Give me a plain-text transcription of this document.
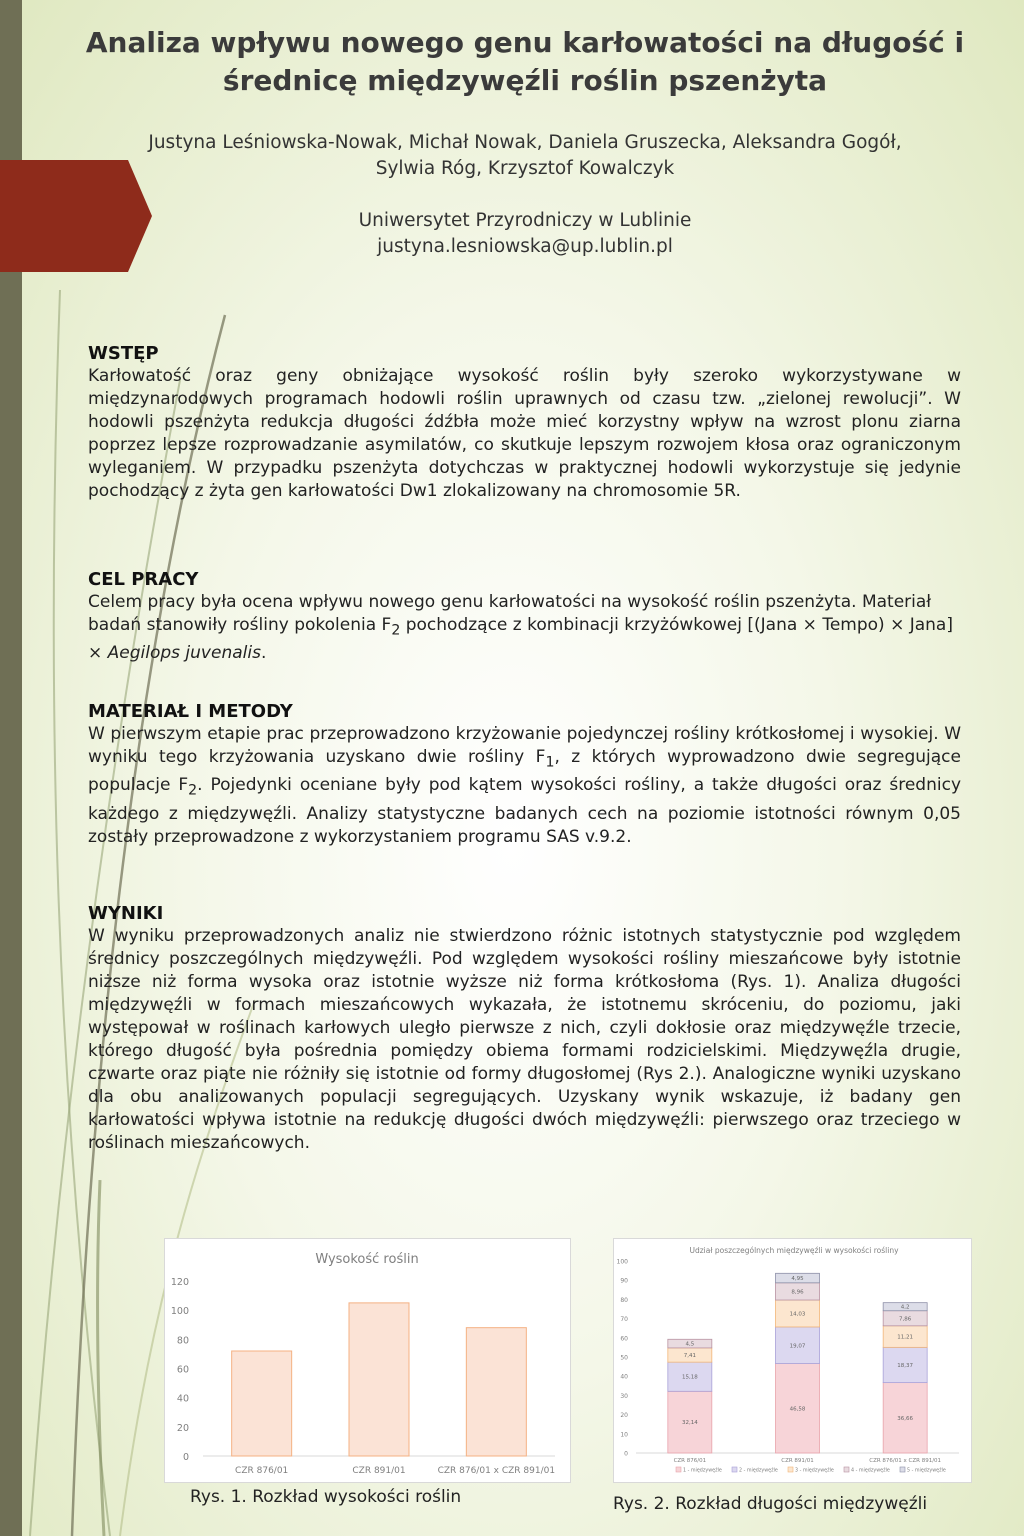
Analiza wpływu nowego genu karłowatości na długość i średnicę międzywęźli roślin pszenżyta
Justyna Leśniowska-Nowak, Michał Nowak, Daniela Gruszecka, Aleksandra Gogół,
Sylwia Róg, Krzysztof Kowalczyk
Uniwersytet Przyrodniczy w Lublinie
justyna.lesniowska@up.lublin.pl
WSTĘP

Karłowatość oraz geny obniżające wysokość roślin były szeroko wykorzystywane w międzynarodowych programach hodowli roślin uprawnych od czasu tzw. „zielonej rewolucji”. W hodowli pszenżyta redukcja długości źdźbła może mieć korzystny wpływ na wzrost plonu ziarna poprzez lepsze rozprowadzanie asymilatów, co skutkuje lepszym rozwojem kłosa oraz ograniczonym wyleganiem. W przypadku pszenżyta dotychczas w praktycznej hodowli wykorzystuje się jedynie pochodzący z żyta gen karłowatości Dw1 zlokalizowany na chromosomie 5R.

CEL PRACY

Celem pracy była ocena wpływu nowego genu karłowatości na wysokość roślin pszenżyta. Materiał badań stanowiły rośliny pokolenia $F_2$ pochodzące z kombinacji krzyżówkowej [(Jana × Tempo) × Jana] × Aegilops juvenalis.

MATERIAŁ I METODY

W pierwszym etapie prac przeprowadzono krzyżowanie pojedynczej rośliny krótkosłomej i wysokiej. W wyniku tego krzyżowania uzyskano dwie rośliny $F_1$, z których wyprowadzono dwie segregujące populacje $F_2$. Pojedynki oceniane były pod kątem wysokości rośliny, a także długości oraz średnicy każdego z międzywęźli. Analizy statystyczne badanych cech na poziomie istotności równym 0,05 zostały przeprowadzone z wykorzystaniem programu SAS v.9.2.

WYNIKI

W wyniku przeprowadzonych analiz nie stwierdzono różnic istotnych statystycznie pod względem średnicy poszczególnych międzywęźli. Pod względem wysokości rośliny mieszańcowe były istotnie niższe niż forma wysoka oraz istotnie wyższe niż forma krótkosłoma (Rys. 1). Analiza długości międzywęźli w formach mieszańcowych wykazała, że istotnemu skróceniu, do poziomu, jaki występował w roślinach karłowych uległo pierwsze z nich, czyli dokłosie oraz międzywęźle trzecie, którego długość była pośrednia pomiędzy obiema formami rodzicielskimi. Międzywęźla drugie, czwarte oraz piąte nie różniły się istotnie od formy długosłomej (Rys 2.). Analogiczne wyniki uzyskano dla obu analizowanych populacji segregujących. Uzyskany wynik wskazuje, iż badany gen karłowatości wpływa istotnie na redukcję długości dwóch międzywęźli: pierwszego oraz trzeciego w roślinach mieszańcowych.

Wysokość roślin
0
20
40
60
80
100
120
CZR 876/01	CZR 891/01	CZR 876/01 x CZR 891/01
Rys. 1. Rozkład wysokości roślin
Udział poszczególnych międzywęźli w wysokości rośliny
0
10
20
30
40
50
60
70
80
90
100
32,14
15,18
7,41
4,5
CZR 876/01
46,58
19,07
14,03
8,96
4,95
CZR 891/01
36,66
18,37
11,21
7,86
4,2
CZR 876/01 x CZR 891/01
1 - międzywęźle	2 - międzywęźle	3 - międzywęźle	4 - międzywęźle	5 - międzywęźle
Rys. 2. Rozkład długości międzywęźli
